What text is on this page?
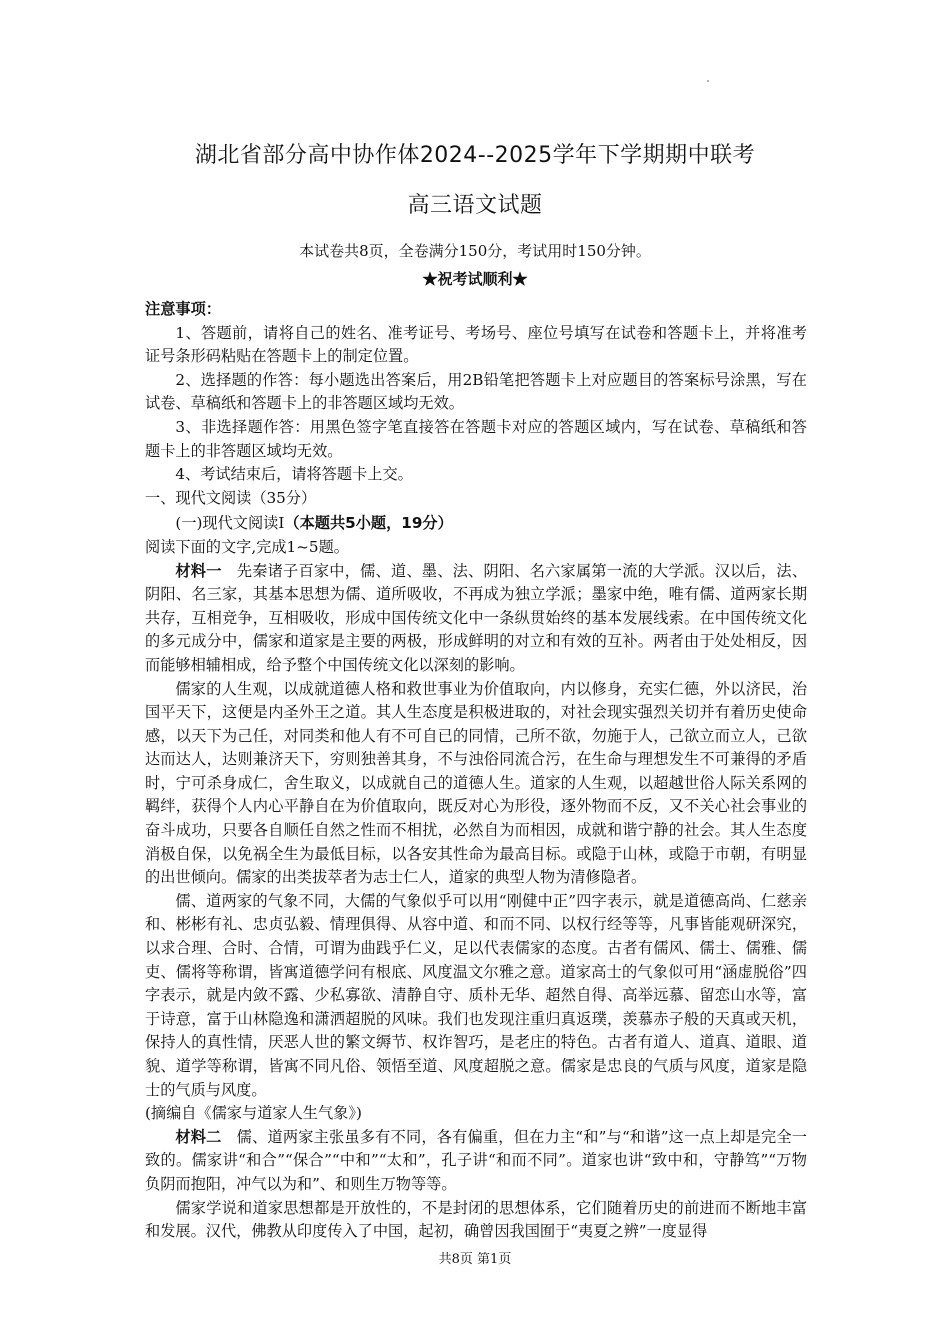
湖北省部分高中协作体2024--2025学年下学期期中联考
高三语文试题
本试卷共8页，全卷满分150分，考试用时150分钟。
★祝考试顺利★

注意事项：

1、答题前，请将自己的姓名、准考证号、考场号、座位号填写在试卷和答题卡上，并将准考证号条形码粘贴在答题卡上的制定位置。

2、选择题的作答：每小题选出答案后，用2B铅笔把答题卡上对应题目的答案标号涂黑，写在试卷、草稿纸和答题卡上的非答题区域均无效。

3、非选择题作答：用黑色签字笔直接答在答题卡对应的答题区域内，写在试卷、草稿纸和答题卡上的非答题区域均无效。

4、考试结束后，请将答题卡上交。

一、现代文阅读（35分）

(一)现代文阅读Ⅰ（本题共5小题，19分）

阅读下面的文字,完成1~5题。

材料一 先秦诸子百家中，儒、道、墨、法、阴阳、名六家属第一流的大学派。汉以后，法、阴阳、名三家，其基本思想为儒、道所吸收，不再成为独立学派；墨家中绝，唯有儒、道两家长期共存，互相竞争，互相吸收，形成中国传统文化中一条纵贯始终的基本发展线索。在中国传统文化的多元成分中，儒家和道家是主要的两极，形成鲜明的对立和有效的互补。两者由于处处相反，因而能够相辅相成，给予整个中国传统文化以深刻的影响。

儒家的人生观，以成就道德人格和救世事业为价值取向，内以修身，充实仁德，外以济民，治国平天下，这便是内圣外王之道。其人生态度是积极进取的，对社会现实强烈关切并有着历史使命感，以天下为己任，对同类和他人有不可自已的同情，己所不欲，勿施于人，己欲立而立人，己欲达而达人，达则兼济天下，穷则独善其身，不与浊俗同流合污，在生命与理想发生不可兼得的矛盾时，宁可杀身成仁，舍生取义，以成就自己的道德人生。道家的人生观，以超越世俗人际关系网的羁绊，获得个人内心平静自在为价值取向，既反对心为形役，逐外物而不反，又不关心社会事业的奋斗成功，只要各自顺任自然之性而不相扰，必然自为而相因，成就和谐宁静的社会。其人生态度消极自保，以免祸全生为最低目标，以各安其性命为最高目标。或隐于山林，或隐于市朝，有明显的出世倾向。儒家的出类拔萃者为志士仁人，道家的典型人物为清修隐者。

儒、道两家的气象不同，大儒的气象似乎可以用“刚健中正”四字表示，就是道德高尚、仁慈亲和、彬彬有礼、忠贞弘毅、情理俱得、从容中道、和而不同、以权行经等等，凡事皆能观研深究，以求合理、合时、合情，可谓为曲践乎仁义，足以代表儒家的态度。古者有儒风、儒士、儒雅、儒吏、儒将等称谓，皆寓道德学问有根底、风度温文尔雅之意。道家高士的气象似可用“涵虚脱俗”四字表示，就是内敛不露、少私寡欲、清静自守、质朴无华、超然自得、高举远慕、留恋山水等，富于诗意，富于山林隐逸和潇洒超脱的风味。我们也发现注重归真返璞，羡慕赤子般的天真或天机，保持人的真性情，厌恶人世的繁文缛节、权诈智巧，是老庄的特色。古者有道人、道真、道眼、道貌、道学等称谓，皆寓不同凡俗、领悟至道、风度超脱之意。儒家是忠良的气质与风度，道家是隐士的气质与风度。

(摘编自《儒家与道家人生气象》)

材料二 儒、道两家主张虽多有不同，各有偏重，但在力主“和”与“和谐”这一点上却是完全一致的。儒家讲“和合”“保合”“中和”“太和”，孔子讲“和而不同”。道家也讲“致中和，守静笃”“万物负阴而抱阳，冲气以为和”、和则生万物等等。

儒家学说和道家思想都是开放性的，不是封闭的思想体系，它们随着历史的前进而不断地丰富和发展。汉代，佛教从印度传入了中国，起初，确曾因我国囿于“夷夏之辨”一度显得

共8页 第1页
